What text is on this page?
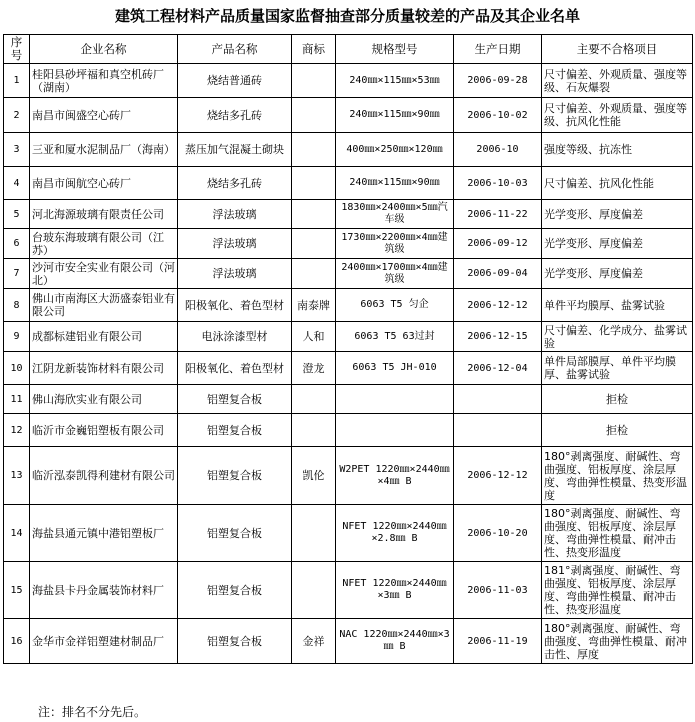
建筑工程材料产品质量国家监督抽查部分质量较差的产品及其企业名单
序号	企业名称	产品名称	商标	规格型号	生产日期	主要不合格项目
1	桂阳县砂坪福和真空机砖厂（湖南）	烧结普通砖		240㎜×115㎜×53㎜	2006-09-28	尺寸偏差、外观质量、强度等级、石灰爆裂
2	南昌市闽盛空心砖厂	烧结多孔砖		240㎜×115㎜×90㎜	2006-10-02	尺寸偏差、外观质量、强度等级、抗风化性能
3	三亚和厦水泥制品厂（海南）	蒸压加气混凝土砌块		400㎜×250㎜×120㎜	2006-10	强度等级、抗冻性
4	南昌市闽航空心砖厂	烧结多孔砖		240㎜×115㎜×90㎜	2006-10-03	尺寸偏差、抗风化性能
5	河北海源玻璃有限责任公司	浮法玻璃		1830㎜×2400㎜×5㎜汽车级	2006-11-22	光学变形、厚度偏差
6	台玻东海玻璃有限公司（江苏）	浮法玻璃		1730㎜×2200㎜×4㎜建筑级	2006-09-12	光学变形、厚度偏差
7	沙河市安全实业有限公司（河北）	浮法玻璃		2400㎜×1700㎜×4㎜建筑级	2006-09-04	光学变形、厚度偏差
8	佛山市南海区大沥盛泰铝业有限公司	阳极氧化、着色型材	南泰牌	6063 T5 匀企	2006-12-12	单件平均膜厚、盐雾试验
9	成都标建铝业有限公司	电泳涂漆型材	人和	6063 T5 63过封	2006-12-15	尺寸偏差、化学成分、盐雾试验
10	江阴龙新装饰材料有限公司	阳极氧化、着色型材	澄龙	6063 T5 JH-010	2006-12-04	单件局部膜厚、单件平均膜厚、盐雾试验
11	佛山海欣实业有限公司	铝塑复合板				拒检
12	临沂市金巍铝塑板有限公司	铝塑复合板				拒检
13	临沂泓泰凯得利建材有限公司	铝塑复合板	凯伦	W2PET 1220㎜×2440㎜×4㎜ B	2006-12-12	180°剥离强度、耐碱性、弯曲强度、铝板厚度、涂层厚度、弯曲弹性模量、热变形温度
14	海盐县通元镇中港铝塑板厂	铝塑复合板		NFET 1220㎜×2440㎜×2.8㎜ B	2006-10-20	180°剥离强度、耐碱性、弯曲强度、铝板厚度、涂层厚度、弯曲弹性模量、耐冲击性、热变形温度
15	海盐县卡丹金属装饰材料厂	铝塑复合板		NFET 1220㎜×2440㎜×3㎜ B	2006-11-03	181°剥离强度、耐碱性、弯曲强度、铝板厚度、涂层厚度、弯曲弹性模量、耐冲击性、热变形温度
16	金华市金祥铝塑建材制品厂	铝塑复合板	金祥	NAC 1220㎜×2440㎜×3㎜ B	2006-11-19	180°剥离强度、耐碱性、弯曲强度、弯曲弹性模量、耐冲击性、厚度
注：排名不分先后。
